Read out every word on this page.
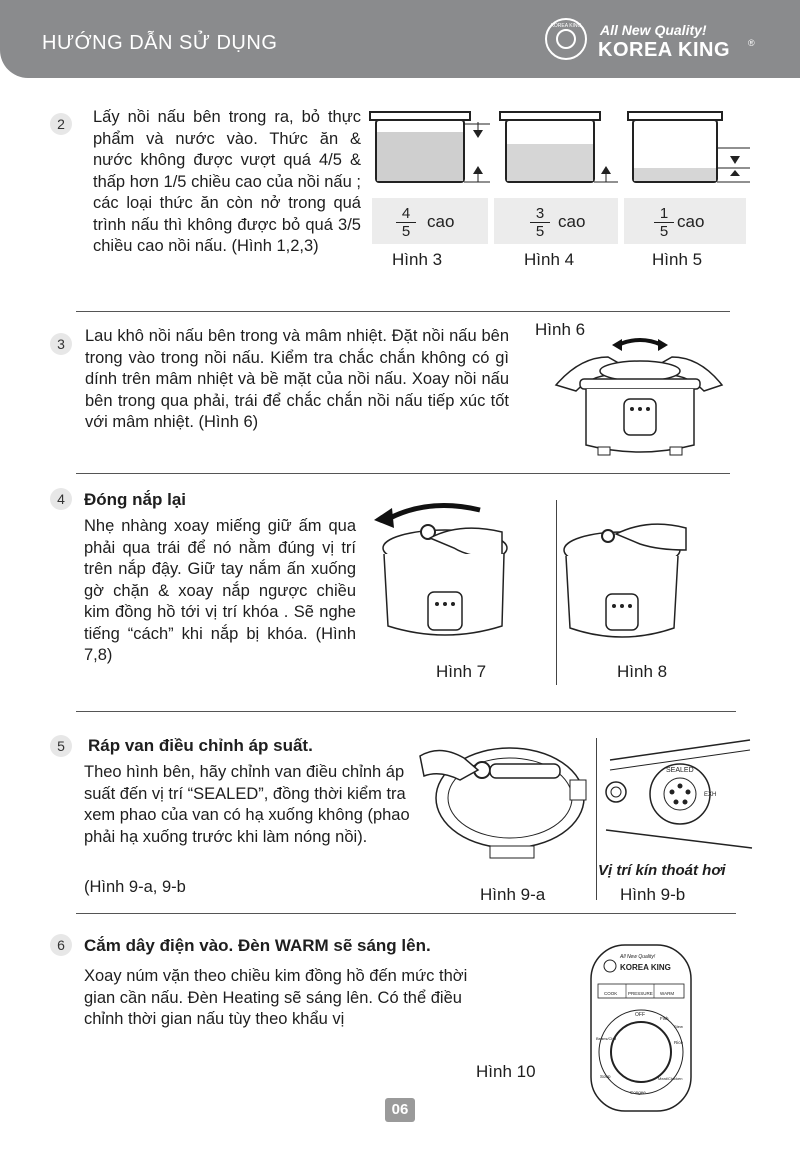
HƯỚNG DẪN SỬ DỤNG
KOREA KING All New Quality!
KOREA KING ®
2	Lấy nồi nấu bên trong ra, bỏ thực phẩm và nước vào. Thức ăn & nước không được vượt quá 4/5 & thấp hơn 1/5 chiều cao của nồi nấu ; các loại thức ăn còn nở trong quá trình nấu thì không được bỏ quá 3/5 chiều cao nồi nấu. (Hình 1,2,3)
$\frac{4}{5}$ cao	$\frac{3}{5}$ cao	$\frac{1}{5}$ cao
Hình 3	Hình 4	Hình 5
3	Lau khô nồi nấu bên trong và mâm nhiệt. Đặt nồi nấu bên trong vào trong nồi nấu. Kiểm tra chắc chắn không có gì dính trên mâm nhiệt và bề mặt của nồi nấu. Xoay nồi nấu bên trong qua phải, trái để chắc chắn nồi nấu tiếp xúc tốt với mâm nhiệt. (Hình 6)
Hình 6
4	Đóng nắp lại
Nhẹ nhàng xoay miếng giữ ấm qua phải qua trái để nó nằm đúng vị trí trên nắp đậy. Giữ tay nắm ấn xuống gờ chặn & xoay nắp ngược chiều kim đồng hồ tới vị trí khóa . Sẽ nghe tiếng “cách” khi nắp bị khóa. (Hình 7,8)
Hình 7	Hình 8
5	Ráp van điều chỉnh áp suất.
Theo hình bên, hãy chỉnh van điều chỉnh áp suất đến vị trí “SEALED”, đồng thời kiểm tra xem phao của van có hạ xuống không (phao phải hạ xuống trước khi làm nóng nồi).
(Hình 9-a, 9-b
SEALED
EXH
Vị trí kín thoát hơi
Hình 9-a	Hình 9-b
6	Cắm dây điện vào. Đèn WARM sẽ sáng lên.
Xoay núm vặn theo chiều kim đồng hồ đến mức thời gian cần nấu. Đèn Heating sẽ sáng lên. Có thể điều chỉnh thời gian nấu tùy theo khẩu vị
Hình 10
All New Quality!
KOREA KING
COOK PRESSURE WARM
OFF
Fish
Beans/Chili
Rice
Soup	Meat/Chicken
Congee
Stew
06
